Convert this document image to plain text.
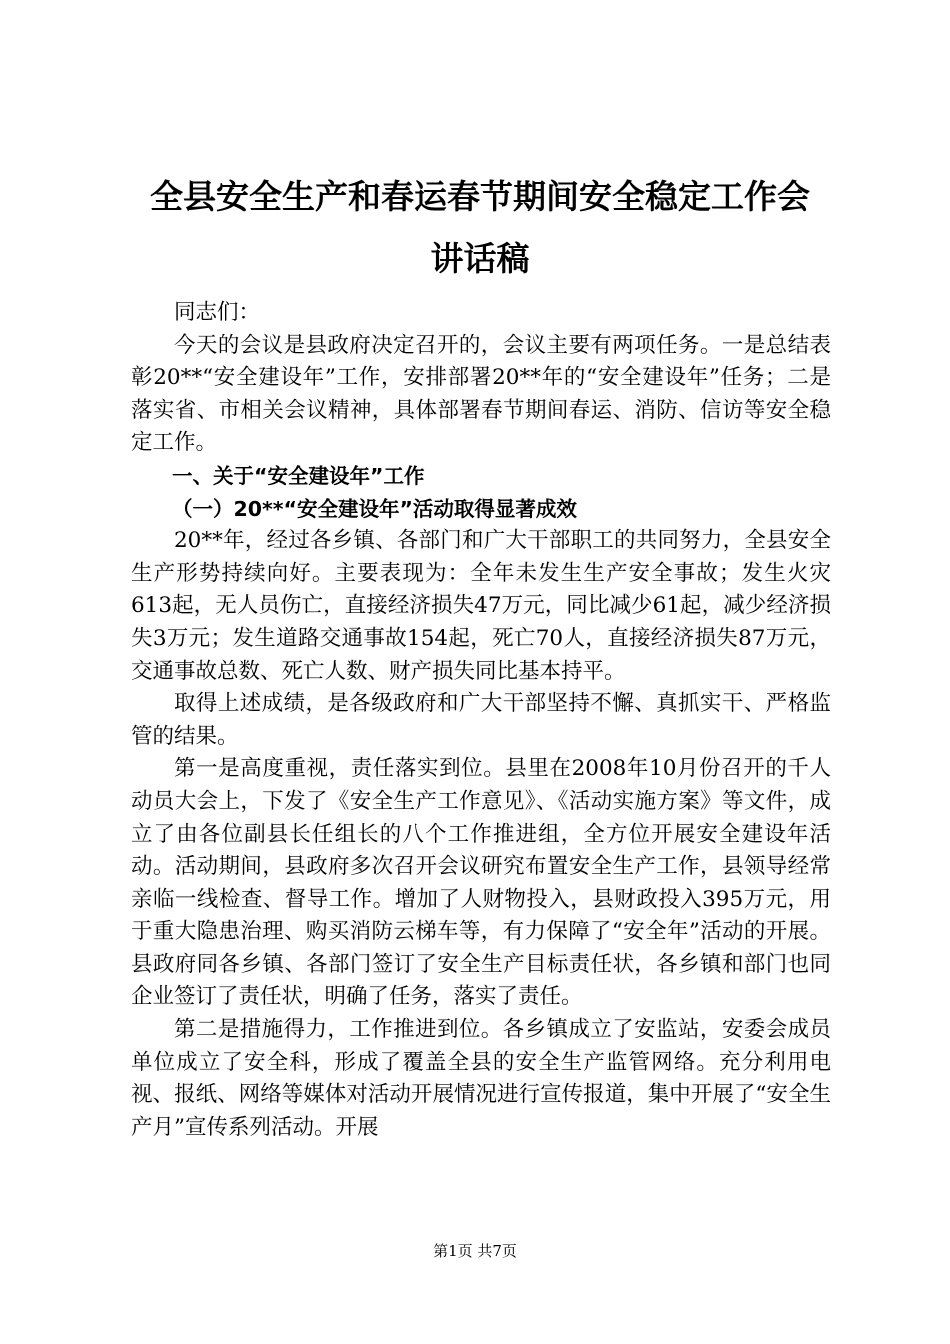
全县安全生产和春运春节期间安全稳定工作会
讲话稿

同志们：

今天的会议是县政府决定召开的，会议主要有两项任务。一是总结表彰20**“安全建设年”工作，安排部署20**年的“安全建设年”任务；二是落实省、市相关会议精神，具体部署春节期间春运、消防、信访等安全稳定工作。

一、关于“安全建设年”工作

（一）20**“安全建设年”活动取得显著成效

20**年，经过各乡镇、各部门和广大干部职工的共同努力，全县安全生产形势持续向好。主要表现为：全年未发生生产安全事故；发生火灾613起，无人员伤亡，直接经济损失47万元，同比减少61起，减少经济损失3万元；发生道路交通事故154起，死亡70人，直接经济损失87万元，交通事故总数、死亡人数、财产损失同比基本持平。

取得上述成绩，是各级政府和广大干部坚持不懈、真抓实干、严格监管的结果。

第一是高度重视，责任落实到位。县里在2008年10月份召开的千人动员大会上，下发了《安全生产工作意见》、《活动实施方案》等文件，成立了由各位副县长任组长的八个工作推进组，全方位开展安全建设年活动。活动期间，县政府多次召开会议研究布置安全生产工作，县领导经常亲临一线检查、督导工作。增加了人财物投入，县财政投入395万元，用于重大隐患治理、购买消防云梯车等，有力保障了“安全年”活动的开展。县政府同各乡镇、各部门签订了安全生产目标责任状，各乡镇和部门也同企业签订了责任状，明确了任务，落实了责任。

第二是措施得力，工作推进到位。各乡镇成立了安监站，安委会成员单位成立了安全科，形成了覆盖全县的安全生产监管网络。充分利用电视、报纸、网络等媒体对活动开展情况进行宣传报道，集中开展了“安全生产月”宣传系列活动。开展

第1页 共7页
